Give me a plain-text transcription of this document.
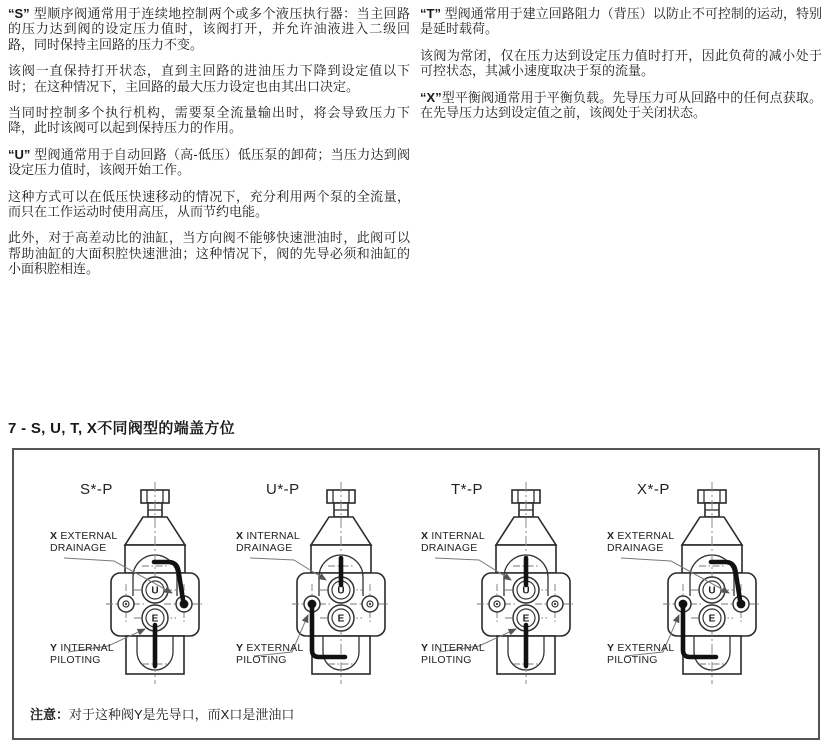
“S” 型顺序阀通常用于连续地控制两个或多个液压执行器：当主回路的压力达到阀的设定压力值时，该阀打开，并允许油液进入二级回路，同时保持主回路的压力不变。

该阀一直保持打开状态，直到主回路的进油压力下降到设定值以下时；在这种情况下，主回路的最大压力设定也由其出口决定。

当同时控制多个执行机构，需要泵全流量输出时，将会导致压力下降，此时该阀可以起到保持压力的作用。

“U” 型阀通常用于自动回路（高-低压）低压泵的卸荷；当压力达到阀设定压力值时，该阀开始工作。

这种方式可以在低压快速移动的情况下，充分利用两个泵的全流量，而只在工作运动时使用高压，从而节约电能。

此外，对于高差动比的油缸，当方向阀不能够快速泄油时，此阀可以帮助油缸的大面积腔快速泄油；这种情况下，阀的先导必须和油缸的小面积腔相连。

“T” 型阀通常用于建立回路阻力（背压）以防止不可控制的运动，特别是延时载荷。

该阀为常闭，仅在压力达到设定压力值时打开，因此负荷的减小处于可控状态，其减小速度取决于泵的流量。

“X”型平衡阀通常用于平衡负载。先导压力可从回路中的任何点获取。在先导压力达到设定值之前，该阀处于关闭状态。

7 - S, U, T, X不同阀型的端盖方位
S*-P
U
E
X EXTERNAL
DRAINAGE
Y INTERNAL
PILOTING
U*-P
U
E
X INTERNAL
DRAINAGE
Y EXTERNAL
PILOTING
T*-P
U
E
X INTERNAL
DRAINAGE
Y INTERNAL
PILOTING
X*-P
U
E
X EXTERNAL
DRAINAGE
Y EXTERNAL
PILOTING
注意：对于这种阀Y是先导口，而X口是泄油口
